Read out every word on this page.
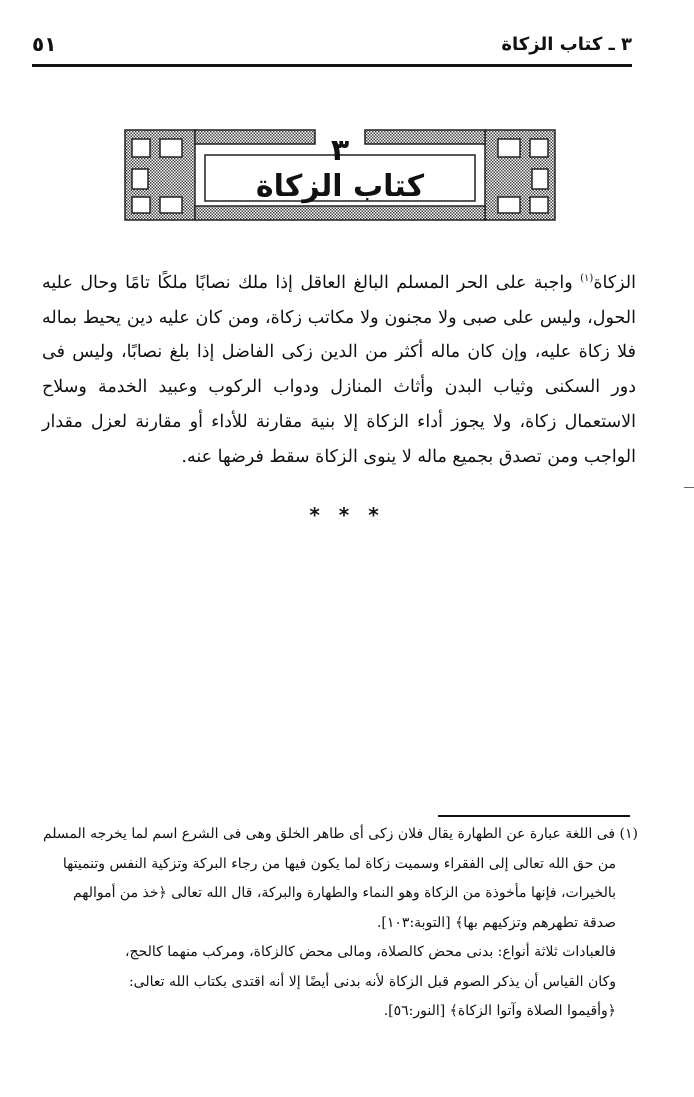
٥١	٣ ـ كتاب الزكاة
٣
كتاب الزكاة
الزكاة$^{(١)}$ واجبة على الحر المسلم البالغ العاقل إذا ملك نصابًا ملكًا تامًا وحال عليه الحول، وليس على صبى ولا مجنون ولا مكاتب زكاة، ومن كان عليه دين يحيط بماله فلا زكاة عليه، وإن كان ماله أكثر من الدين زكى الفاضل إذا بلغ نصابًا، وليس فى دور السكنى وثياب البدن وأثاث المنازل ودواب الركوب وعبيد الخدمة وسلاح الاستعمال زكاة، ولا يجوز أداء الزكاة إلا بنية مقارنة للأداء أو مقارنة لعزل مقدار الواجب ومن تصدق بجميع ماله لا ينوى الزكاة سقط فرضها عنه.
* * *
(١) فى اللغة عبارة عن الطهارة يقال فلان زكى أى طاهر الخلق وهى فى الشرع اسم لما يخرجه المسلم
من حق الله تعالى إلى الفقراء وسميت زكاة لما يكون فيها من رجاء البركة وتزكية النفس وتنميتها
بالخيرات، فإنها مأخوذة من الزكاة وهو النماء والطهارة والبركة، قال الله تعالى ﴿خذ من أموالهم
صدقة تطهرهم وتزكيهم بها﴾ [التوبة:١٠٣].
فالعبادات ثلاثة أنواع: بدنى محض كالصلاة، ومالى محض كالزكاة، ومركب منهما كالحج،
وكان القياس أن يذكر الصوم قبل الزكاة لأنه بدنى أيضًا إلا أنه اقتدى بكتاب الله تعالى:
﴿وأقيموا الصلاة وآتوا الزكاة﴾ [النور:٥٦].
